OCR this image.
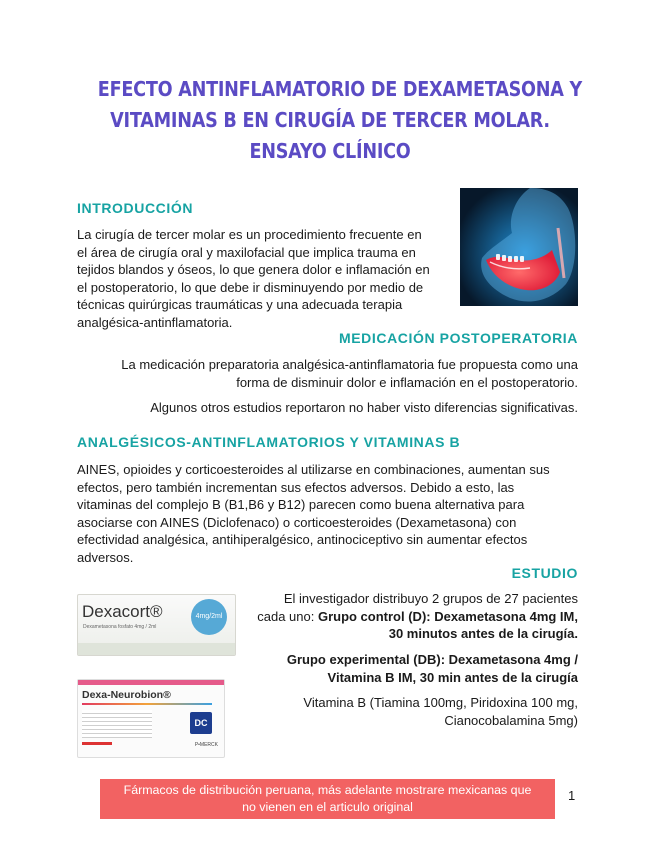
EFECTO ANTINFLAMATORIO DE DEXAMETASONA Y
VITAMINAS B EN CIRUGÍA DE TERCER MOLAR.
ENSAYO CLÍNICO
INTRODUCCIÓN
La cirugía de tercer molar es un procedimiento frecuente en
el área de cirugía oral y maxilofacial que implica trauma en
tejidos blandos y óseos, lo que genera dolor e inflamación en
el postoperatorio, lo que debe ir disminuyendo por medio de
técnicas quirúrgicas traumáticas y una adecuada terapia
analgésica-antinflamatoria.
MEDICACIÓN POSTOPERATORIA
La medicación preparatoria analgésica-antinflamatoria fue propuesta como una
forma de disminuir dolor e inflamación en el postoperatorio.
Algunos otros estudios reportaron no haber visto diferencias significativas.
ANALGÉSICOS-ANTINFLAMATORIOS Y VITAMINAS B
AINES, opioides y corticoesteroides al utilizarse en combinaciones, aumentan sus
efectos, pero también incrementan sus efectos adversos. Debido a esto, las
vitaminas del complejo B (B1,B6 y B12) parecen como buena alternativa para
asociarse con AINES (Diclofenaco) o corticoesteroides (Dexametasona) con
efectividad analgésica, antihiperalgésico, antinociceptivo sin aumentar efectos
adversos.
ESTUDIO
El investigador distribuyo 2 grupos de 27 pacientes
cada uno: Grupo control (D): Dexametasona 4mg IM,
30 minutos antes de la cirugía.
Grupo experimental (DB): Dexametasona 4mg /
Vitamina B IM, 30 min antes de la cirugía
Vitamina B (Tiamina 100mg, Piridoxina 100 mg,
Cianocobalamina 5mg)
Dexacort®
Dexametasona fosfato 4mg / 2ml
4mg/2ml
Dexa-Neurobion®
DC
P•MERCK
Fármacos de distribución peruana, más adelante mostrare mexicanas que
no vienen en el articulo original
1
